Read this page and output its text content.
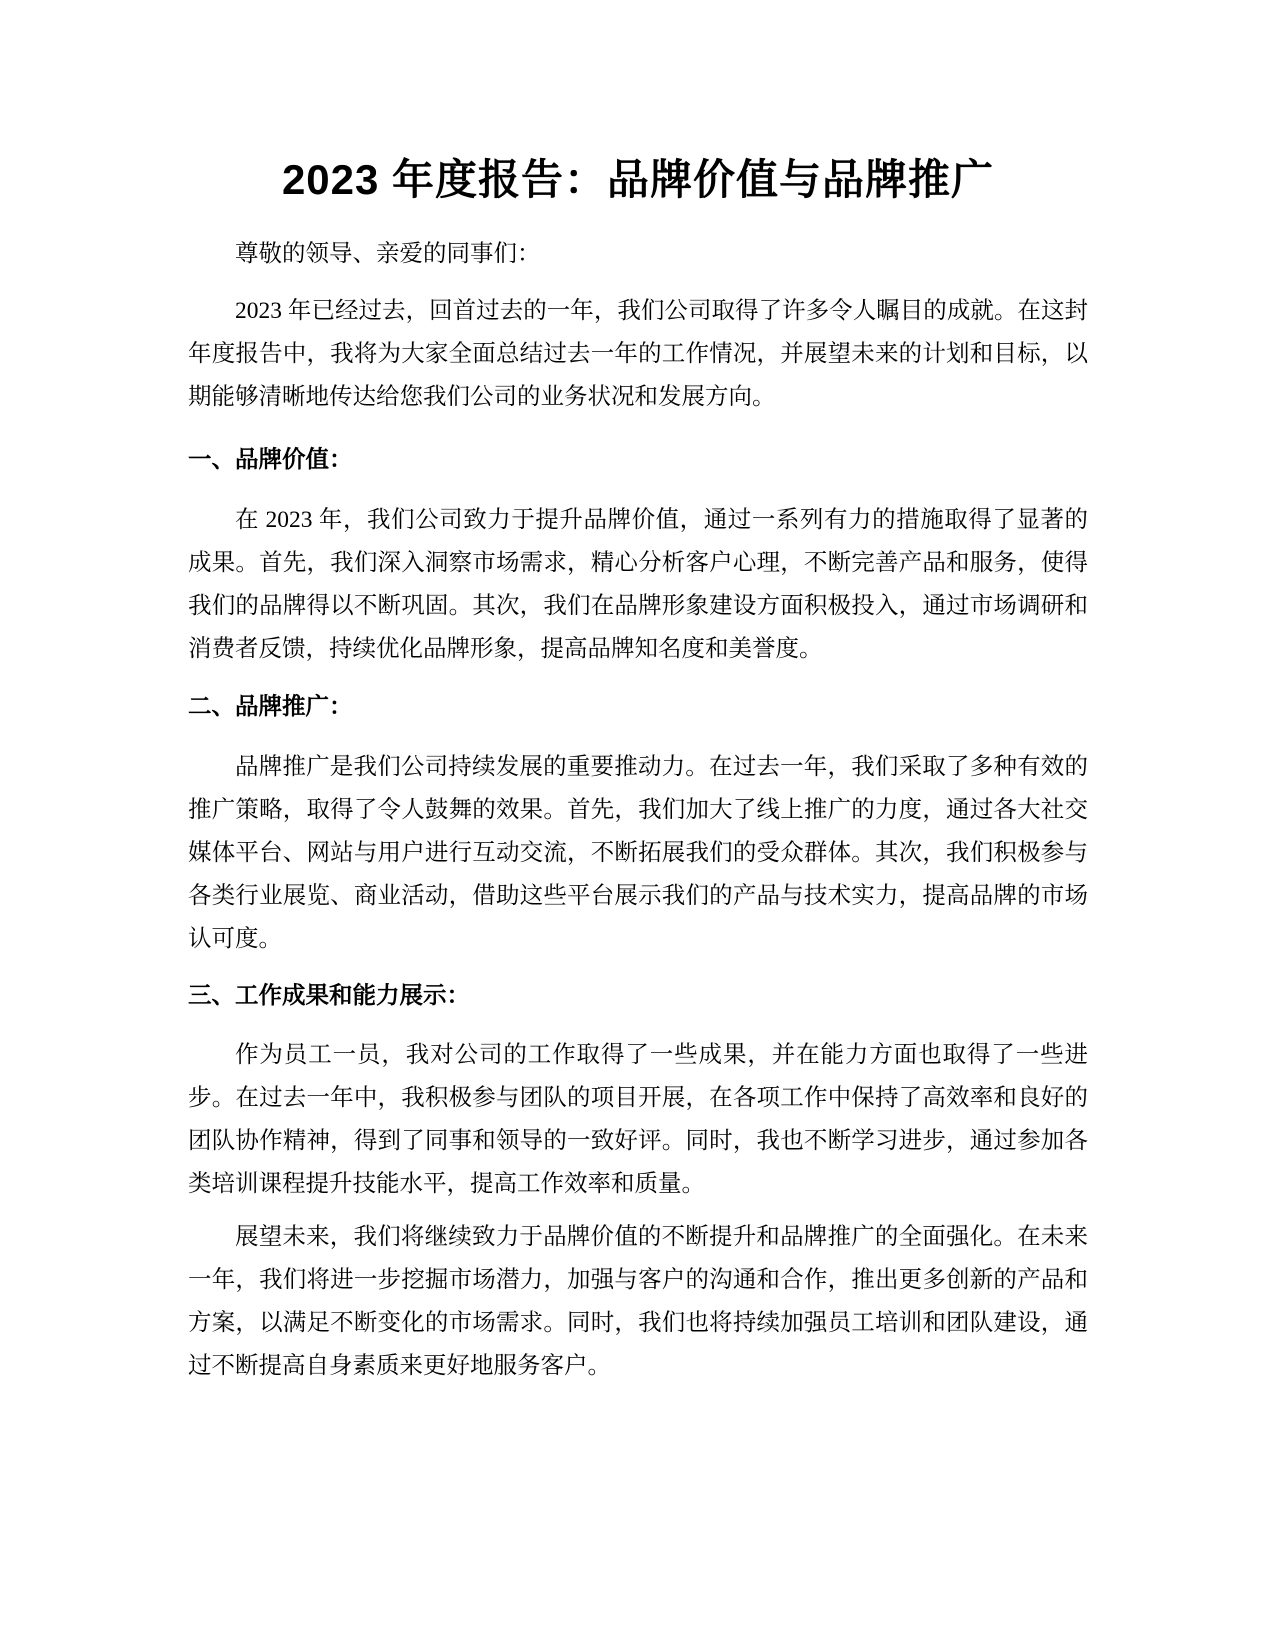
2023 年度报告：品牌价值与品牌推广

尊敬的领导、亲爱的同事们：

2023 年已经过去，回首过去的一年，我们公司取得了许多令人瞩目的成就。在这封年度报告中，我将为大家全面总结过去一年的工作情况，并展望未来的计划和目标，以期能够清晰地传达给您我们公司的业务状况和发展方向。

一、品牌价值：

在 2023 年，我们公司致力于提升品牌价值，通过一系列有力的措施取得了显著的成果。首先，我们深入洞察市场需求，精心分析客户心理，不断完善产品和服务，使得我们的品牌得以不断巩固。其次，我们在品牌形象建设方面积极投入，通过市场调研和消费者反馈，持续优化品牌形象，提高品牌知名度和美誉度。

二、品牌推广：

品牌推广是我们公司持续发展的重要推动力。在过去一年，我们采取了多种有效的推广策略，取得了令人鼓舞的效果。首先，我们加大了线上推广的力度，通过各大社交媒体平台、网站与用户进行互动交流，不断拓展我们的受众群体。其次，我们积极参与各类行业展览、商业活动，借助这些平台展示我们的产品与技术实力，提高品牌的市场认可度。

三、工作成果和能力展示：

作为员工一员，我对公司的工作取得了一些成果，并在能力方面也取得了一些进步。在过去一年中，我积极参与团队的项目开展，在各项工作中保持了高效率和良好的团队协作精神，得到了同事和领导的一致好评。同时，我也不断学习进步，通过参加各类培训课程提升技能水平，提高工作效率和质量。

展望未来，我们将继续致力于品牌价值的不断提升和品牌推广的全面强化。在未来一年，我们将进一步挖掘市场潜力，加强与客户的沟通和合作，推出更多创新的产品和方案，以满足不断变化的市场需求。同时，我们也将持续加强员工培训和团队建设，通过不断提高自身素质来更好地服务客户。
